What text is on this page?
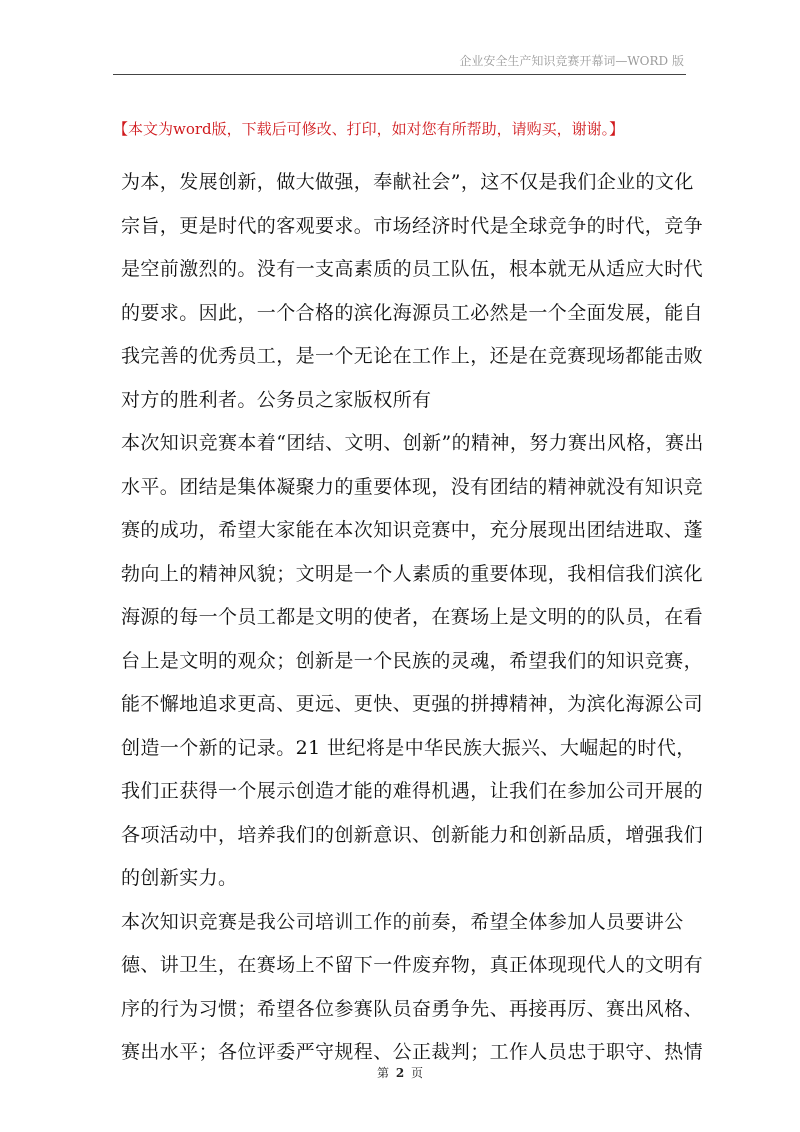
企业安全生产知识竞赛开幕词—WORD 版
【本文为word版，下载后可修改、打印，如对您有所帮助，请购买，谢谢。】
为本，发展创新，做大做强，奉献社会”，这不仅是我们企业的文化
宗旨，更是时代的客观要求。市场经济时代是全球竞争的时代，竞争
是空前激烈的。没有一支高素质的员工队伍，根本就无从适应大时代
的要求。因此，一个合格的滨化海源员工必然是一个全面发展，能自
我完善的优秀员工，是一个无论在工作上，还是在竞赛现场都能击败
对方的胜利者。公务员之家版权所有
本次知识竞赛本着“团结、文明、创新”的精神，努力赛出风格，赛出
水平。团结是集体凝聚力的重要体现，没有团结的精神就没有知识竞
赛的成功，希望大家能在本次知识竞赛中，充分展现出团结进取、蓬
勃向上的精神风貌；文明是一个人素质的重要体现，我相信我们滨化
海源的每一个员工都是文明的使者，在赛场上是文明的的队员，在看
台上是文明的观众；创新是一个民族的灵魂，希望我们的知识竞赛，
能不懈地追求更高、更远、更快、更强的拼搏精神，为滨化海源公司
创造一个新的记录。21 世纪将是中华民族大振兴、大崛起的时代，
我们正获得一个展示创造才能的难得机遇，让我们在参加公司开展的
各项活动中，培养我们的创新意识、创新能力和创新品质，增强我们
的创新实力。
本次知识竞赛是我公司培训工作的前奏，希望全体参加人员要讲公
德、讲卫生，在赛场上不留下一件废弃物，真正体现现代人的文明有
序的行为习惯；希望各位参赛队员奋勇争先、再接再厉、赛出风格、
赛出水平；各位评委严守规程、公正裁判；工作人员忠于职守、热情
第 2 页
